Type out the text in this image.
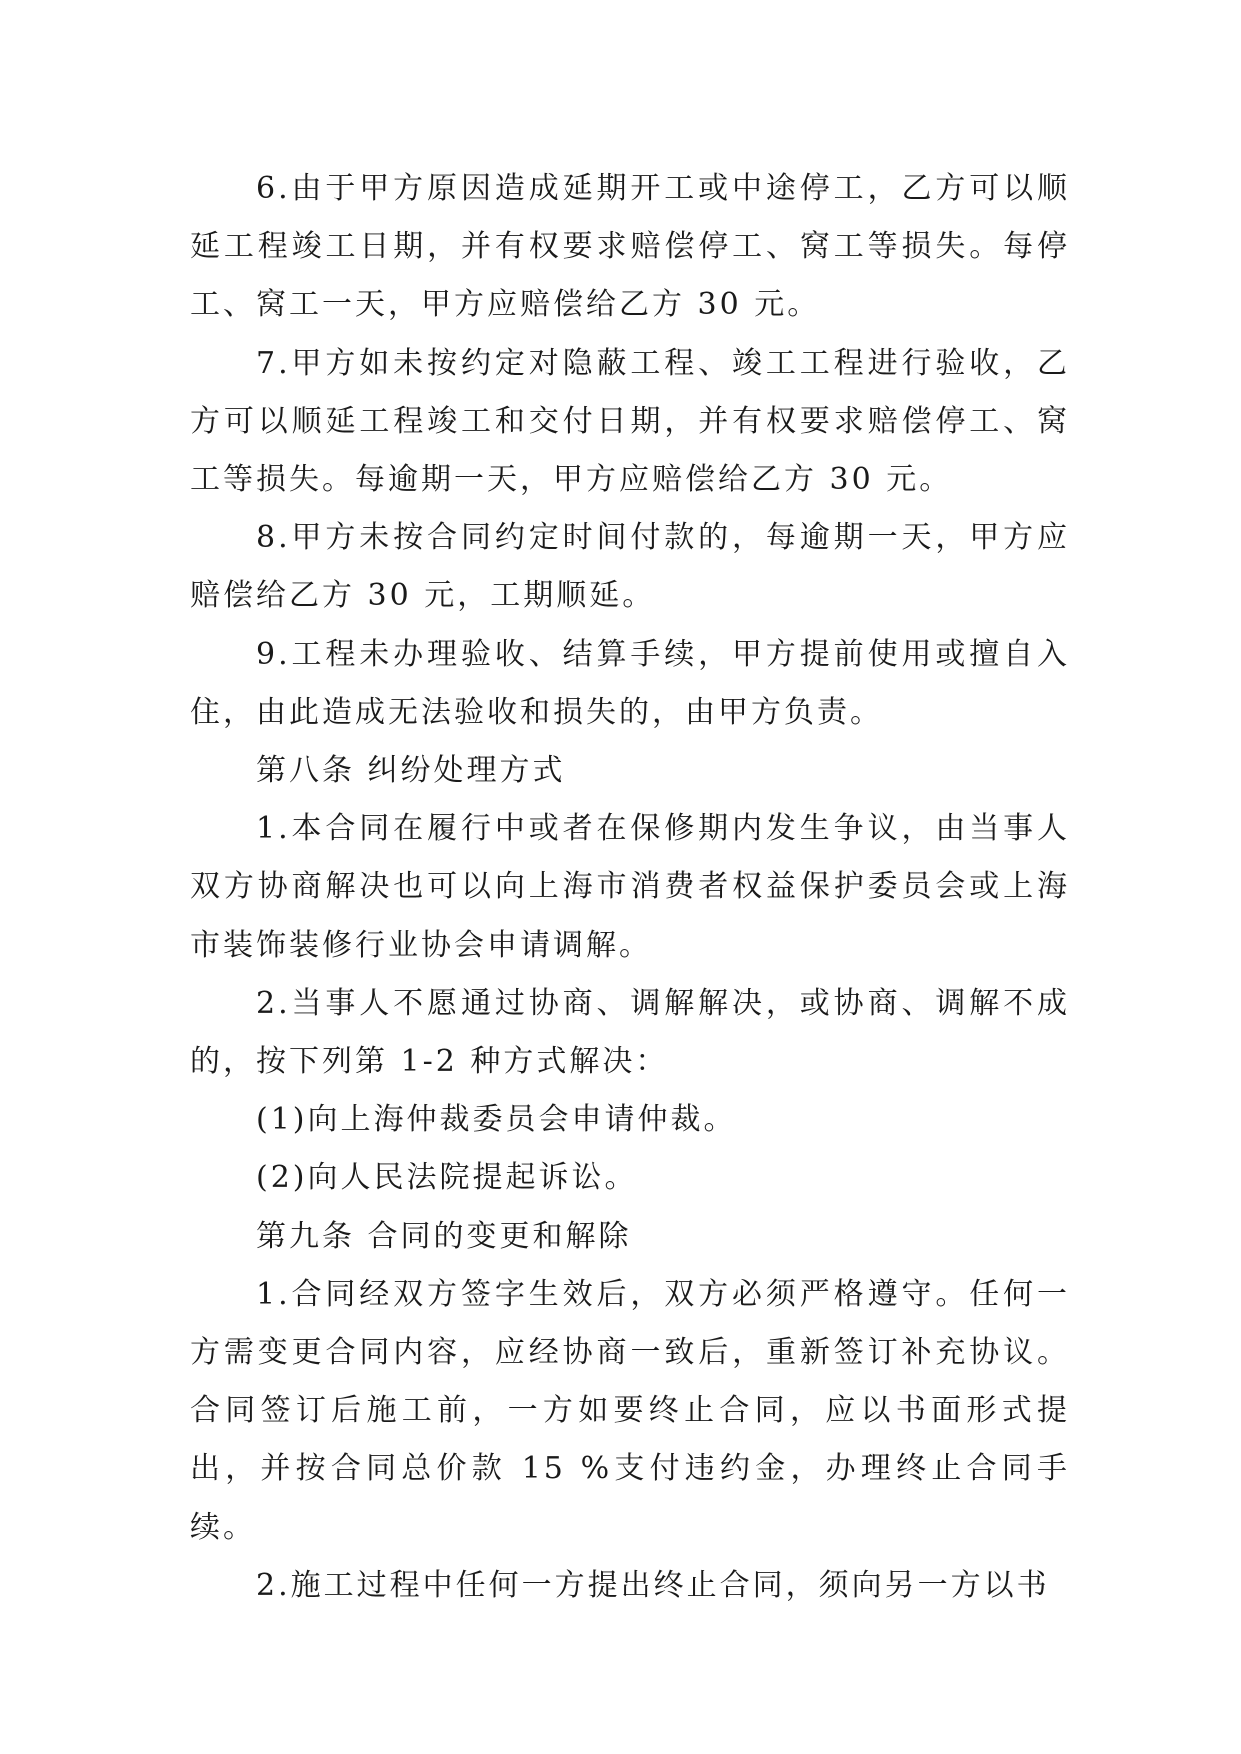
6.由于甲方原因造成延期开工或中途停工，乙方可以顺延工程竣工日期，并有权要求赔偿停工、窝工等损失。每停工、窝工一天，甲方应赔偿给乙方 30 元。

7.甲方如未按约定对隐蔽工程、竣工工程进行验收，乙方可以顺延工程竣工和交付日期，并有权要求赔偿停工、窝工等损失。每逾期一天，甲方应赔偿给乙方 30 元。

8.甲方未按合同约定时间付款的，每逾期一天，甲方应赔偿给乙方 30 元，工期顺延。

9.工程未办理验收、结算手续，甲方提前使用或擅自入住，由此造成无法验收和损失的，由甲方负责。

第八条 纠纷处理方式

1.本合同在履行中或者在保修期内发生争议，由当事人双方协商解决也可以向上海市消费者权益保护委员会或上海市装饰装修行业协会申请调解。

2.当事人不愿通过协商、调解解决，或协商、调解不成的，按下列第 1-2 种方式解决：

(1)向上海仲裁委员会申请仲裁。

(2)向人民法院提起诉讼。

第九条 合同的变更和解除

1.合同经双方签字生效后，双方必须严格遵守。任何一方需变更合同内容，应经协商一致后，重新签订补充协议。合同签订后施工前，一方如要终止合同，应以书面形式提出，并按合同总价款 15 %支付违约金，办理终止合同手续。

2.施工过程中任何一方提出终止合同，须向另一方以书
